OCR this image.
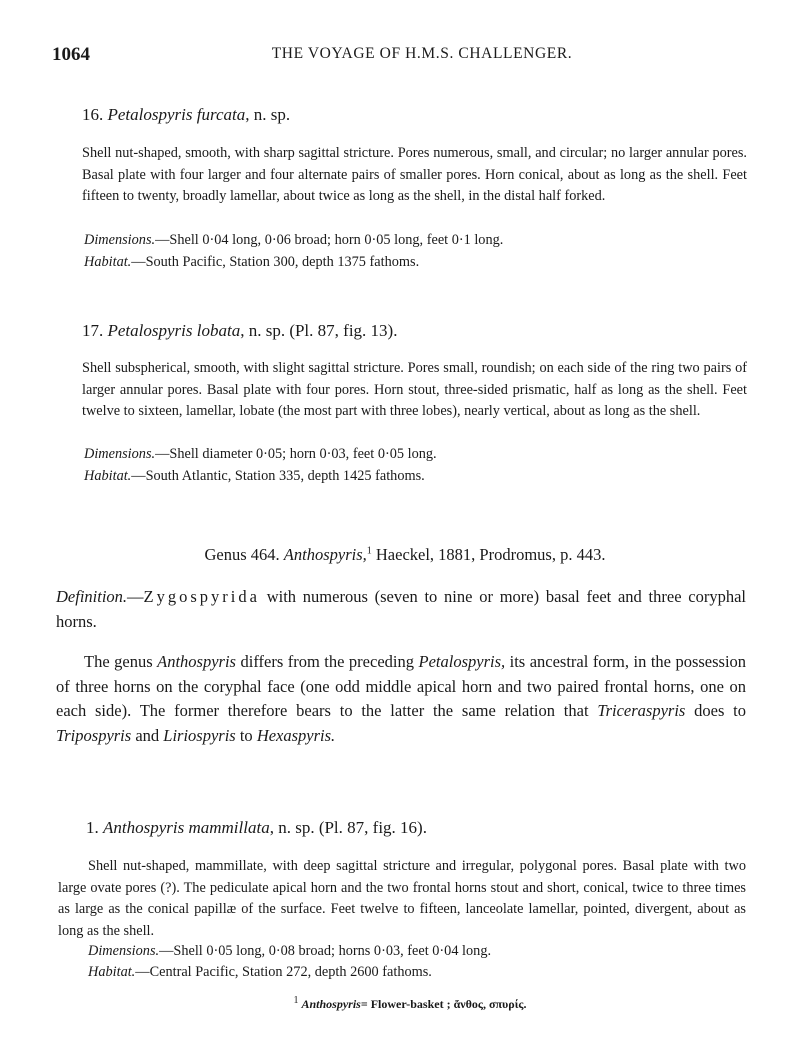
1064	THE VOYAGE OF H.M.S. CHALLENGER.
16. Petalospyris furcata, n. sp.

Shell nut-shaped, smooth, with sharp sagittal stricture. Pores numerous, small, and circular; no larger annular pores. Basal plate with four larger and four alternate pairs of smaller pores. Horn conical, about as long as the shell. Feet fifteen to twenty, broadly lamellar, about twice as long as the shell, in the distal half forked.

Dimensions.—Shell 0·04 long, 0·06 broad; horn 0·05 long, feet 0·1 long.
Habitat.—South Pacific, Station 300, depth 1375 fathoms.
17. Petalospyris lobata, n. sp. (Pl. 87, fig. 13).

Shell subspherical, smooth, with slight sagittal stricture. Pores small, roundish; on each side of the ring two pairs of larger annular pores. Basal plate with four pores. Horn stout, three-sided prismatic, half as long as the shell. Feet twelve to sixteen, lamellar, lobate (the most part with three lobes), nearly vertical, about as long as the shell.

Dimensions.—Shell diameter 0·05; horn 0·03, feet 0·05 long.
Habitat.—South Atlantic, Station 335, depth 1425 fathoms.
Genus 464. Anthospyris,$^1$ Haeckel, 1881, Prodromus, p. 443.

Definition.—Zygospyrida with numerous (seven to nine or more) basal feet and three coryphal horns.

The genus Anthospyris differs from the preceding Petalospyris, its ancestral form, in the possession of three horns on the coryphal face (one odd middle apical horn and two paired frontal horns, one on each side). The former therefore bears to the latter the same relation that Triceraspyris does to Tripospyris and Liriospyris to Hexaspyris.

1. Anthospyris mammillata, n. sp. (Pl. 87, fig. 16).

Shell nut-shaped, mammillate, with deep sagittal stricture and irregular, polygonal pores. Basal plate with two large ovate pores (?). The pediculate apical horn and the two frontal horns stout and short, conical, twice to three times as large as the conical papillæ of the surface. Feet twelve to fifteen, lanceolate lamellar, pointed, divergent, about as long as the shell.

Dimensions.—Shell 0·05 long, 0·08 broad; horns 0·03, feet 0·04 long.
Habitat.—Central Pacific, Station 272, depth 2600 fathoms.
$^1$ Anthospyris= Flower-basket ; ἄνθος, σπυρίς.
